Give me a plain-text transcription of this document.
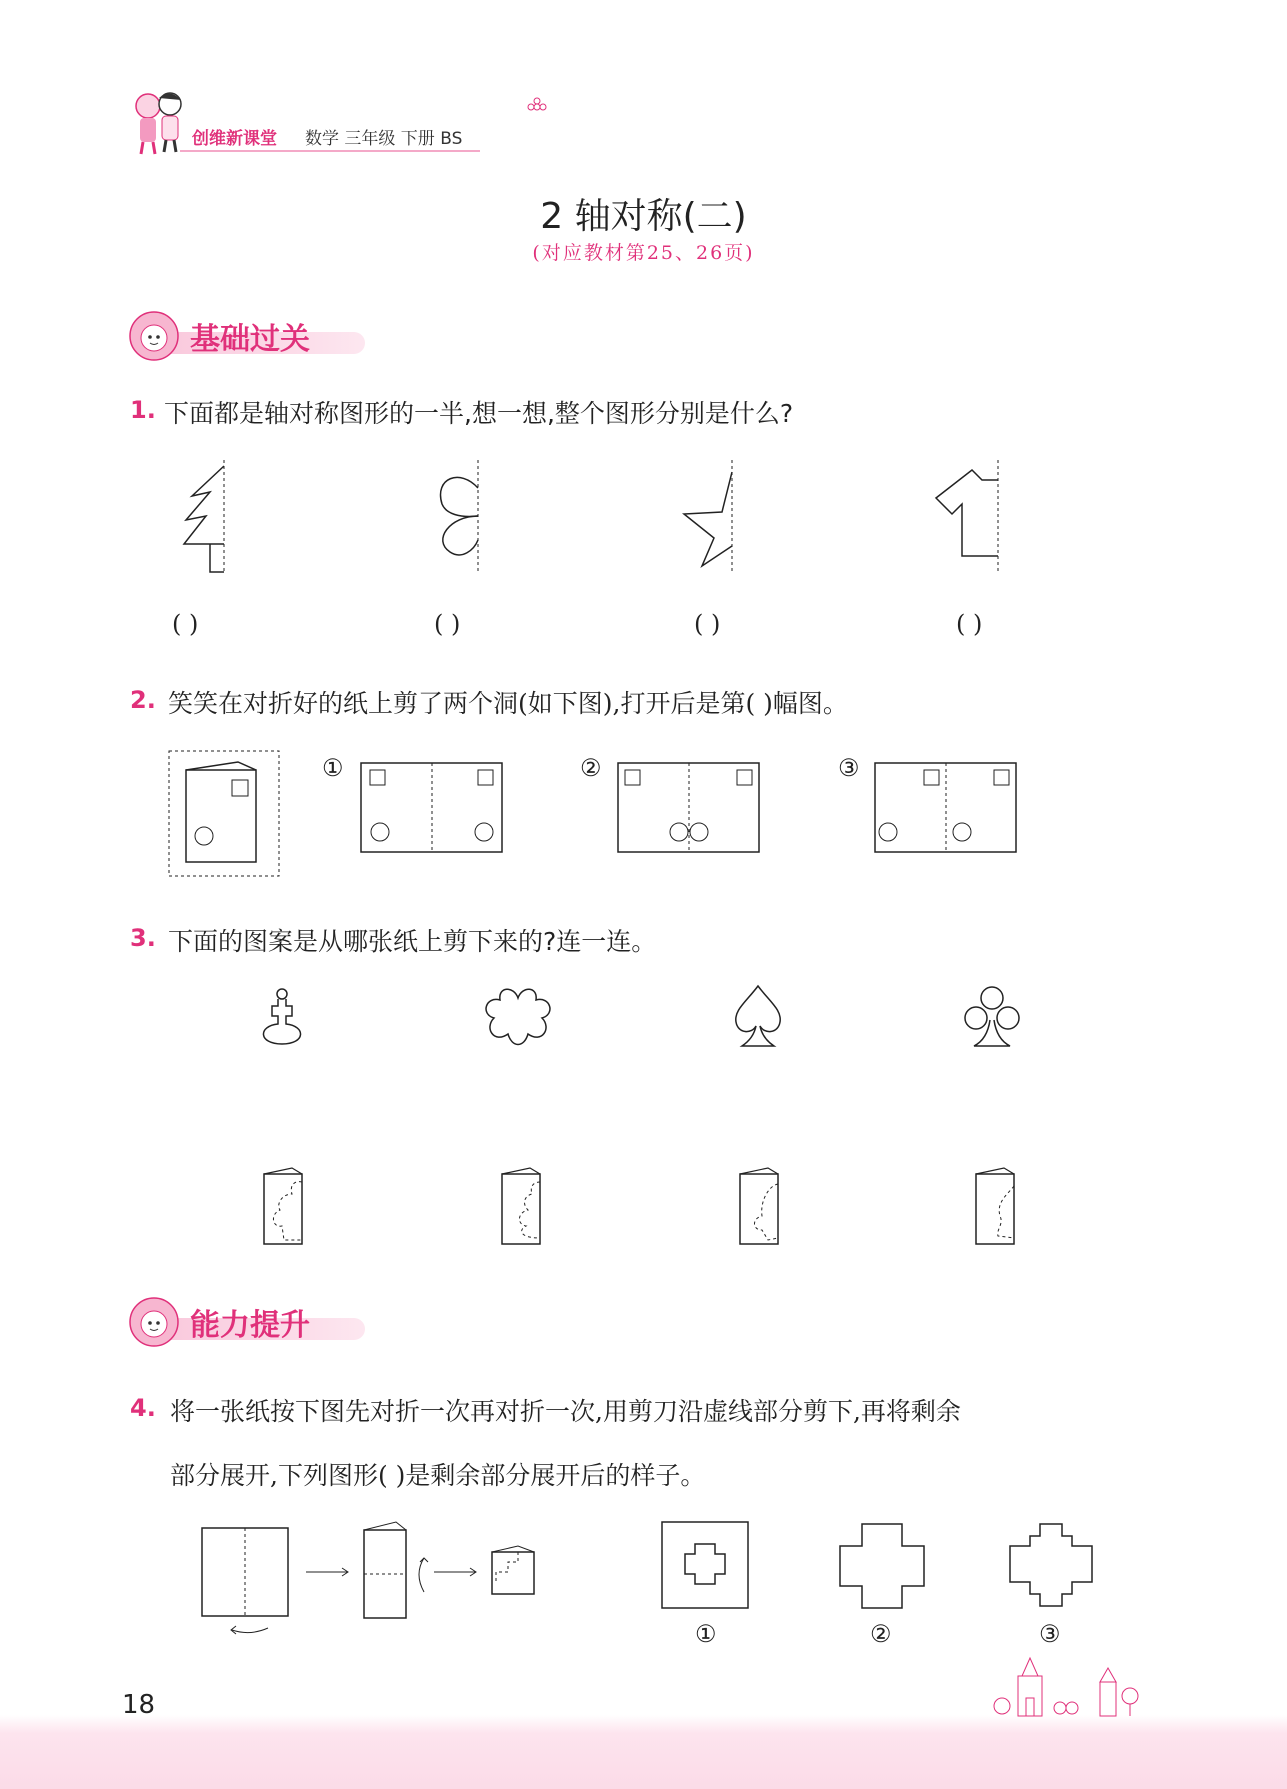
创维新课堂 数学 三年级 下册 BS
2 轴对称(二)
(对应教材第25、26页)
基础过关
1. 下面都是轴对称图形的一半,想一想,整个图形分别是什么?
( )	( )	( )	( )
2. 笑笑在对折好的纸上剪了两个洞(如下图),打开后是第( )幅图。
①	②	③
3. 下面的图案是从哪张纸上剪下来的?连一连。
能力提升
4. 将一张纸按下图先对折一次再对折一次,用剪刀沿虚线部分剪下,再将剩余
部分展开,下列图形( )是剩余部分展开后的样子。
①	②	③
18
